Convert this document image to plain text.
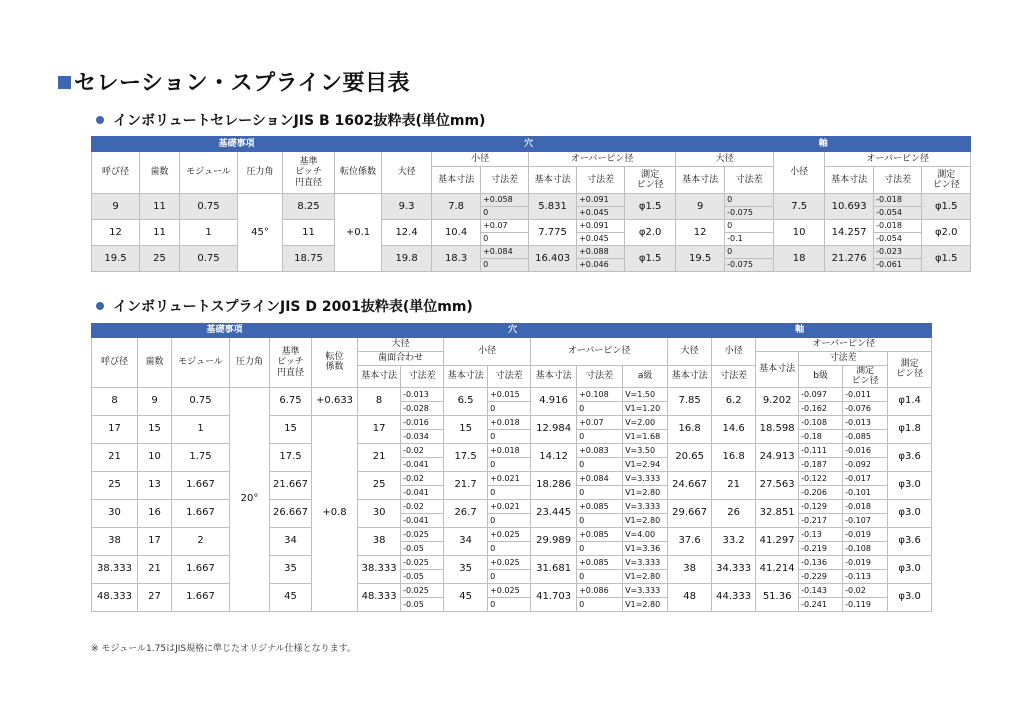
セレーション・スプライン要目表
インボリュートセレーションJIS B 1602抜粋表(単位mm)
基礎事項						穴						軸					
呼び径	歯数	モジュール	圧力角	基準
ピッチ
円直径	転位係数	大径	小径		オーバーピン径			大径		小径	オーバーピン径		
							基本寸法	寸法差	基本寸法	寸法差	測定
ピン径	基本寸法	寸法差		基本寸法	寸法差	測定
ピン径
9	11	0.75	45°	8.25	+0.1	9.3	7.8	+0.058	5.831	+0.091	φ1.5	9	0	7.5	10.693	-0.018	φ1.5
								0		+0.045			-0.075			-0.054	
12	11	1		11		12.4	10.4	+0.07	7.775	+0.091	φ2.0	12	0	10	14.257	-0.018	φ2.0
								0		+0.045			-0.1			-0.054	
19.5	25	0.75		18.75		19.8	18.3	+0.084	16.403	+0.088	φ1.5	19.5	0	18	21.276	-0.023	φ1.5
								0		+0.046			-0.075			-0.061	
インボリュートスプラインJIS D 2001抜粋表(単位mm)
基礎事項						穴							軸						
呼び径	歯数	モジュール	圧力角	基準
ピッチ
円直径	転位
係数	大径		小径		オーバーピン径			大径	小径	オーバーピン径				
						歯面合わせ									基本寸法	寸法差		測定
ピン径	
						基本寸法	寸法差			基本寸法	寸法差	a級				b級			
								基本寸法	寸法差				基本寸法	寸法差			測定
ピン径		
8	9	0.75	20°	6.75	+0.633	8	-0.013	6.5	+0.015	4.916	+0.108	V=1.50	7.85	6.2	9.202	-0.097	-0.011	φ1.4	
							-0.028		0		0	V1=1.20				-0.162	-0.076		
17	15	1		15	+0.8	17	-0.016	15	+0.018	12.984	+0.07	V=2.00	16.8	14.6	18.598	-0.108	-0.013	φ1.8	
							-0.034		0		0	V1=1.68				-0.18	-0.085		
21	10	1.75		17.5		21	-0.02	17.5	+0.018	14.12	+0.083	V=3.50	20.65	16.8	24.913	-0.111	-0.016	φ3.6	
							-0.041		0		0	V1=2.94				-0.187	-0.092		
25	13	1.667		21.667		25	-0.02	21.7	+0.021	18.286	+0.084	V=3.333	24.667	21	27.563	-0.122	-0.017	φ3.0	
							-0.041		0		0	V1=2.80				-0.206	-0.101		
30	16	1.667		26.667		30	-0.02	26.7	+0.021	23.445	+0.085	V=3.333	29.667	26	32.851	-0.129	-0.018	φ3.0	
							-0.041		0		0	V1=2.80				-0.217	-0.107		
38	17	2		34		38	-0.025	34	+0.025	29.989	+0.085	V=4.00	37.6	33.2	41.297	-0.13	-0.019	φ3.6	
							-0.05		0		0	V1=3.36				-0.219	-0.108		
38.333	21	1.667		35		38.333	-0.025	35	+0.025	31.681	+0.085	V=3.333	38	34.333	41.214	-0.136	-0.019	φ3.0	
							-0.05		0		0	V1=2.80				-0.229	-0.113		
48.333	27	1.667		45		48.333	-0.025	45	+0.025	41.703	+0.086	V=3.333	48	44.333	51.36	-0.143	-0.02	φ3.0	
							-0.05		0		0	V1=2.80				-0.241	-0.119		
※ モジュール1.75はJIS規格に準じたオリジナル仕様となります。
